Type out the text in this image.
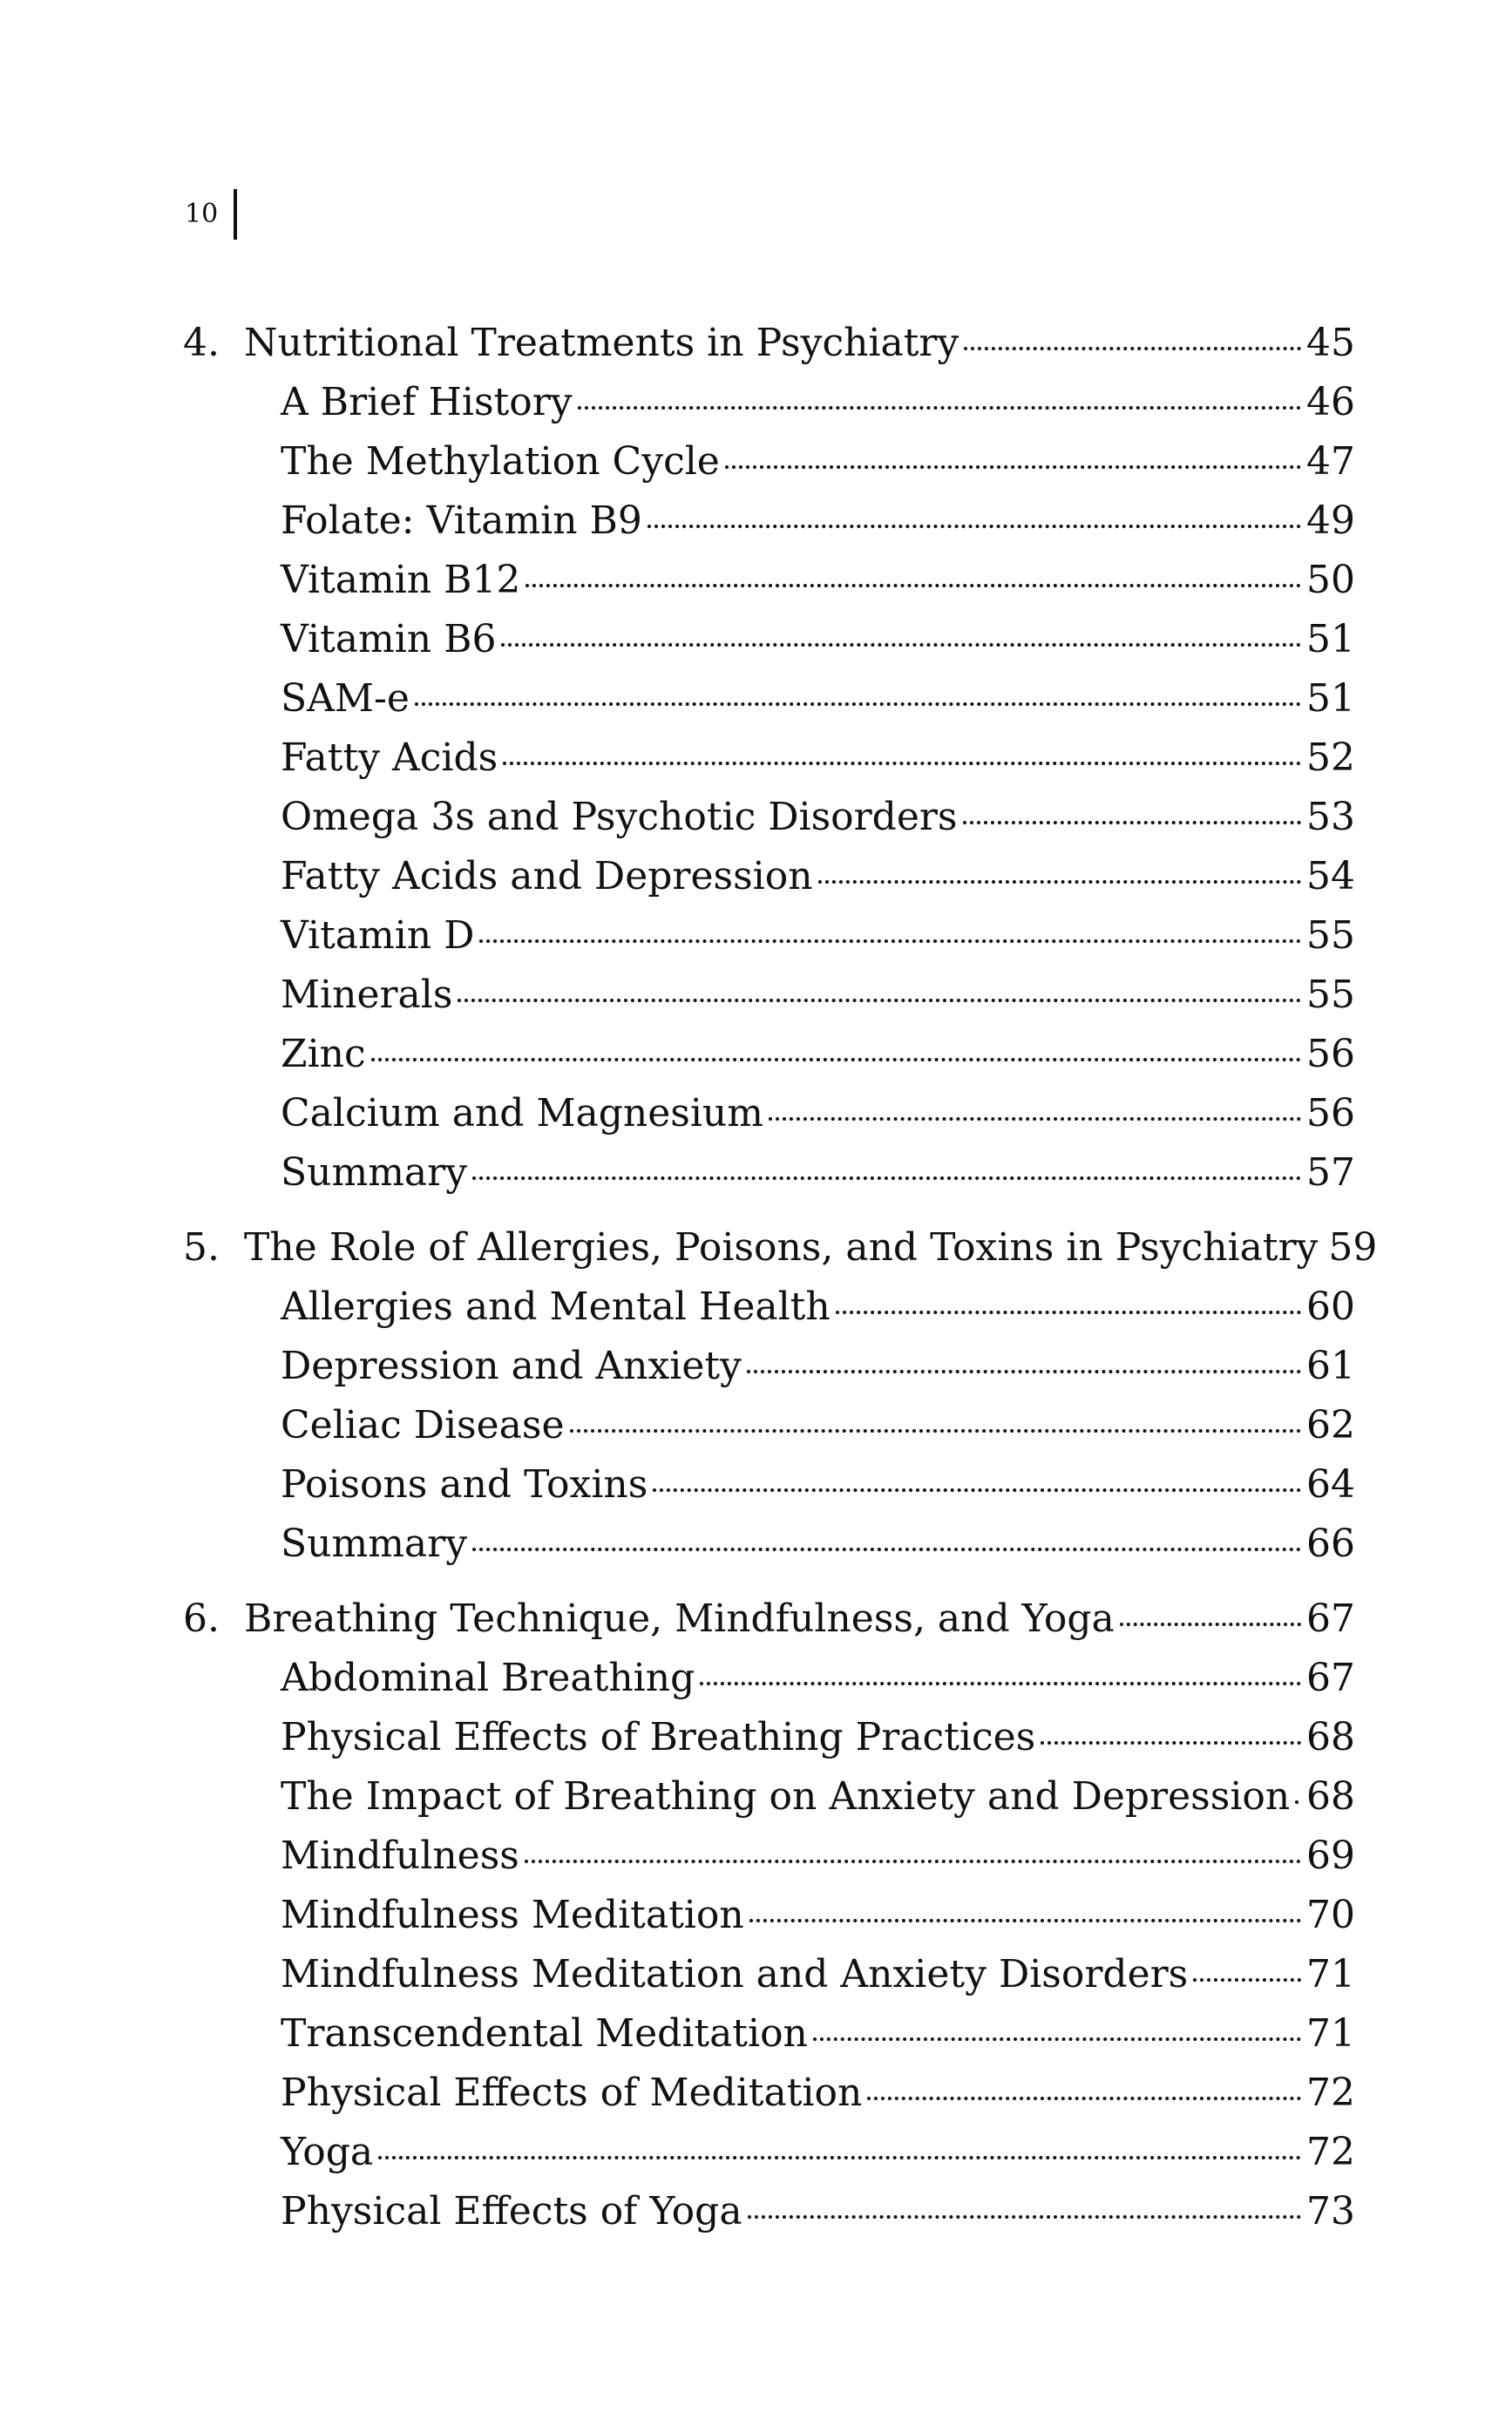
10
4. Nutritional Treatments in Psychiatry	45
A Brief History	46
The Methylation Cycle	47
Folate: Vitamin B9	49
Vitamin B12	50
Vitamin B6	51
SAM-e	51
Fatty Acids	52
Omega 3s and Psychotic Disorders	53
Fatty Acids and Depression	54
Vitamin D	55
Minerals	55
Zinc	56
Calcium and Magnesium	56
Summary	57
5. The Role of Allergies, Poisons, and Toxins in Psychiatry 59
Allergies and Mental Health	60
Depression and Anxiety	61
Celiac Disease	62
Poisons and Toxins	64
Summary	66
6. Breathing Technique, Mindfulness, and Yoga	67
Abdominal Breathing	67
Physical Effects of Breathing Practices	68
The Impact of Breathing on Anxiety and Depression 68
Mindfulness	69
Mindfulness Meditation	70
Mindfulness Meditation and Anxiety Disorders	71
Transcendental Meditation	71
Physical Effects of Meditation	72
Yoga	72
Physical Effects of Yoga	73
